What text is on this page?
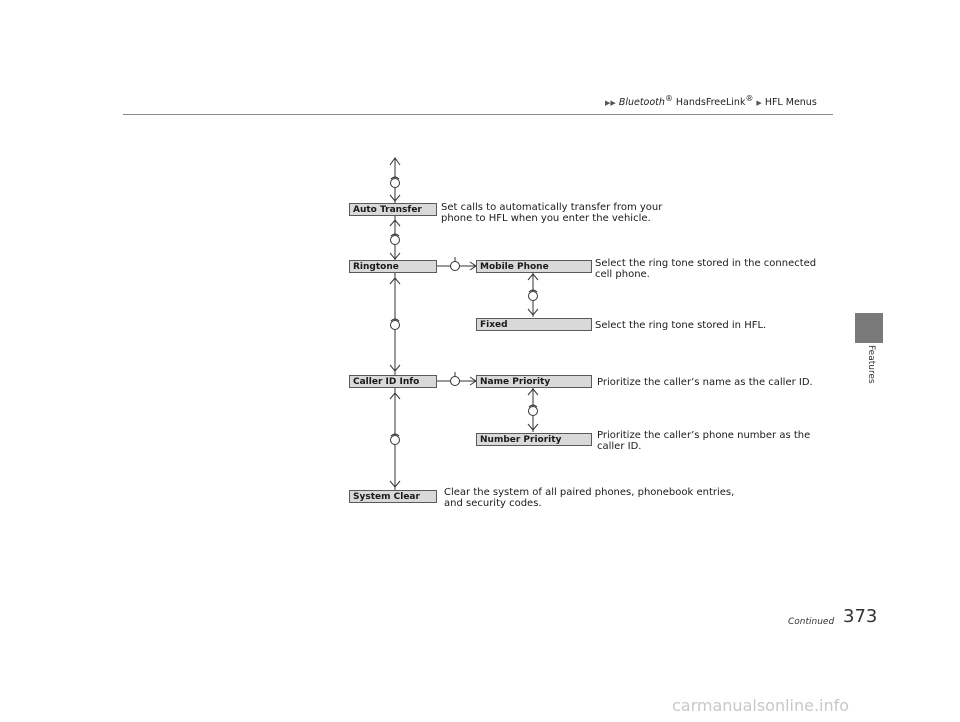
▶▶ Bluetooth® HandsFreeLink® ▶ HFL Menus
Features
Auto Transfer	Set calls to automatically transfer from your phone to HFL when you enter the vehicle.
Ringtone	Mobile Phone	Select the ring tone stored in the connected cell phone.
Fixed	Select the ring tone stored in HFL.
Caller ID Info	Name Priority	Prioritize the caller’s name as the caller ID.
Number Priority	Prioritize the caller’s phone number as the caller ID.
System Clear	Clear the system of all paired phones, phonebook entries, and security codes.
Continued 373
carmanualsonline.info
